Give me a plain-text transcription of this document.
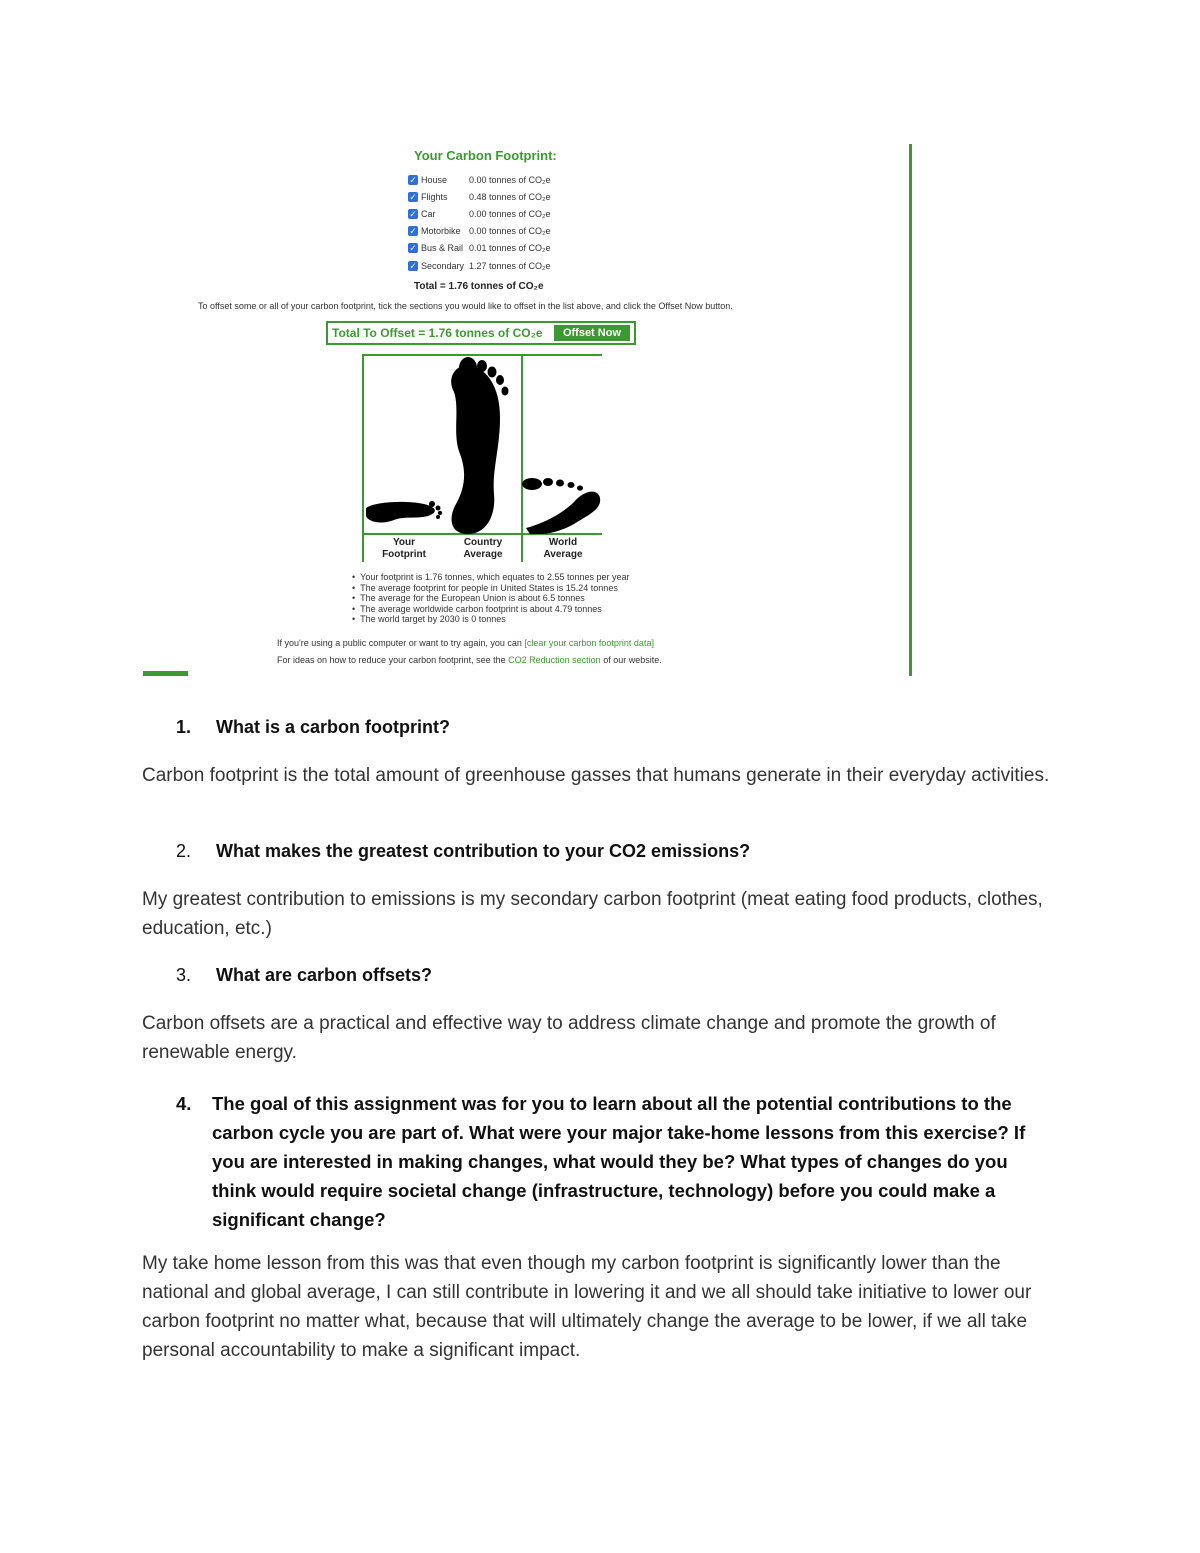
Your Carbon Footprint:
✓ House	0.00 tonnes of CO₂e
✓ Flights	0.48 tonnes of CO₂e
✓ Car	0.00 tonnes of CO₂e
✓ Motorbike 0.00 tonnes of CO₂e
✓ Bus & Rail 0.01 tonnes of CO₂e
✓ Secondary 1.27 tonnes of CO₂e
Total = 1.76 tonnes of CO₂e
To offset some or all of your carbon footprint, tick the sections you would like to offset in the list above, and click the Offset Now button.
Total To Offset = 1.76 tonnes of CO₂e	Offset Now
Your
Footprint
Country
Average
World
Average
• Your footprint is 1.76 tonnes, which equates to 2.55 tonnes per year
• The average footprint for people in United States is 15.24 tonnes
• The average for the European Union is about 6.5 tonnes
• The average worldwide carbon footprint is about 4.79 tonnes
• The world target by 2030 is 0 tonnes
If you're using a public computer or want to try again, you can [clear your carbon footprint data]
For ideas on how to reduce your carbon footprint, see the CO2 Reduction section of our website.
1. What is a carbon footprint?

Carbon footprint is the total amount of greenhouse gasses that humans generate in their everyday activities.

2. What makes the greatest contribution to your CO2 emissions?

My greatest contribution to emissions is my secondary carbon footprint (meat eating food products, clothes, education, etc.)

3. What are carbon offsets?

Carbon offsets are a practical and effective way to address climate change and promote the growth of renewable energy.

4.	The goal of this assignment was for you to learn about all the potential contributions to the carbon cycle you are part of. What were your major take-home lessons from this exercise? If you are interested in making changes, what would they be? What types of changes do you think would require societal change (infrastructure, technology) before you could make a significant change?

My take home lesson from this was that even though my carbon footprint is significantly lower than the national and global average, I can still contribute in lowering it and we all should take initiative to lower our carbon footprint no matter what, because that will ultimately change the average to be lower, if we all take personal accountability to make a significant impact.
